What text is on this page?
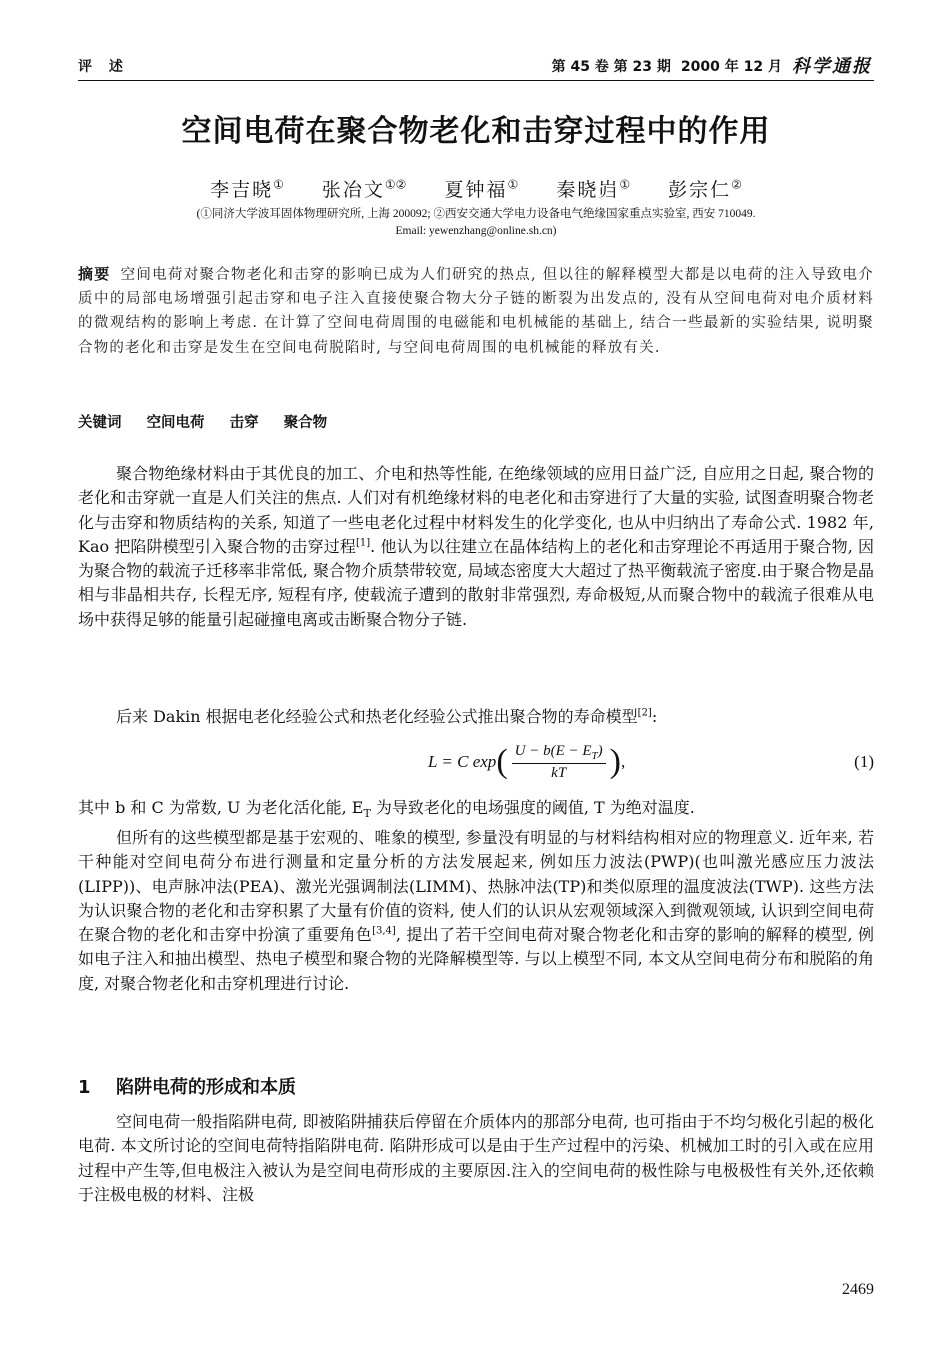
评 述	第 45 卷 第 23 期 2000 年 12 月 科学通报
空间电荷在聚合物老化和击穿过程中的作用
李吉晓① 张冶文①② 夏钟福① 秦晓岿① 彭宗仁②
(①同济大学波耳固体物理研究所, 上海 200092; ②西安交通大学电力设备电气绝缘国家重点实验室, 西安 710049.
Email: yewenzhang@online.sh.cn)
摘要 空间电荷对聚合物老化和击穿的影响已成为人们研究的热点, 但以往的解释模型大都是以电荷的注入导致电介质中的局部电场增强引起击穿和电子注入直接使聚合物大分子链的断裂为出发点的, 没有从空间电荷对电介质材料的微观结构的影响上考虑. 在计算了空间电荷周围的电磁能和电机械能的基础上, 结合一些最新的实验结果, 说明聚合物的老化和击穿是发生在空间电荷脱陷时, 与空间电荷周围的电机械能的释放有关.
关键词 空间电荷 击穿 聚合物
聚合物绝缘材料由于其优良的加工、介电和热等性能, 在绝缘领域的应用日益广泛, 自应用之日起, 聚合物的老化和击穿就一直是人们关注的焦点. 人们对有机绝缘材料的电老化和击穿进行了大量的实验, 试图查明聚合物老化与击穿和物质结构的关系, 知道了一些电老化过程中材料发生的化学变化, 也从中归纳出了寿命公式. 1982 年, Kao 把陷阱模型引入聚合物的击穿过程[1]. 他认为以往建立在晶体结构上的老化和击穿理论不再适用于聚合物, 因为聚合物的载流子迁移率非常低, 聚合物介质禁带较宽, 局域态密度大大超过了热平衡载流子密度.由于聚合物是晶相与非晶相共存, 长程无序, 短程有序, 使载流子遭到的散射非常强烈, 寿命极短,从而聚合物中的载流子很难从电场中获得足够的能量引起碰撞电离或击断聚合物分子链.
后来 Dakin 根据电老化经验公式和热老化经验公式推出聚合物的寿命模型[2]:
L = C exp ( $\frac{U - b(E - E_T)}{kT}$ ) ,	(1)
其中 b 和 C 为常数, U 为老化活化能, $E_T$ 为导致老化的电场强度的阈值, T 为绝对温度.
但所有的这些模型都是基于宏观的、唯象的模型, 参量没有明显的与材料结构相对应的物理意义. 近年来, 若干种能对空间电荷分布进行测量和定量分析的方法发展起来, 例如压力波法(PWP)(也叫激光感应压力波法(LIPP))、电声脉冲法(PEA)、激光光强调制法(LIMM)、热脉冲法(TP)和类似原理的温度波法(TWP). 这些方法为认识聚合物的老化和击穿积累了大量有价值的资料, 使人们的认识从宏观领域深入到微观领域, 认识到空间电荷在聚合物的老化和击穿中扮演了重要角色[3,4], 提出了若干空间电荷对聚合物老化和击穿的影响的解释的模型, 例如电子注入和抽出模型、热电子模型和聚合物的光降解模型等. 与以上模型不同, 本文从空间电荷分布和脱陷的角度, 对聚合物老化和击穿机理进行讨论.
1 陷阱电荷的形成和本质
空间电荷一般指陷阱电荷, 即被陷阱捕获后停留在介质体内的那部分电荷, 也可指由于不均匀极化引起的极化电荷. 本文所讨论的空间电荷特指陷阱电荷. 陷阱形成可以是由于生产过程中的污染、机械加工时的引入或在应用过程中产生等,但电极注入被认为是空间电荷形成的主要原因.注入的空间电荷的极性除与电极极性有关外,还依赖于注极电极的材料、注极
2469
